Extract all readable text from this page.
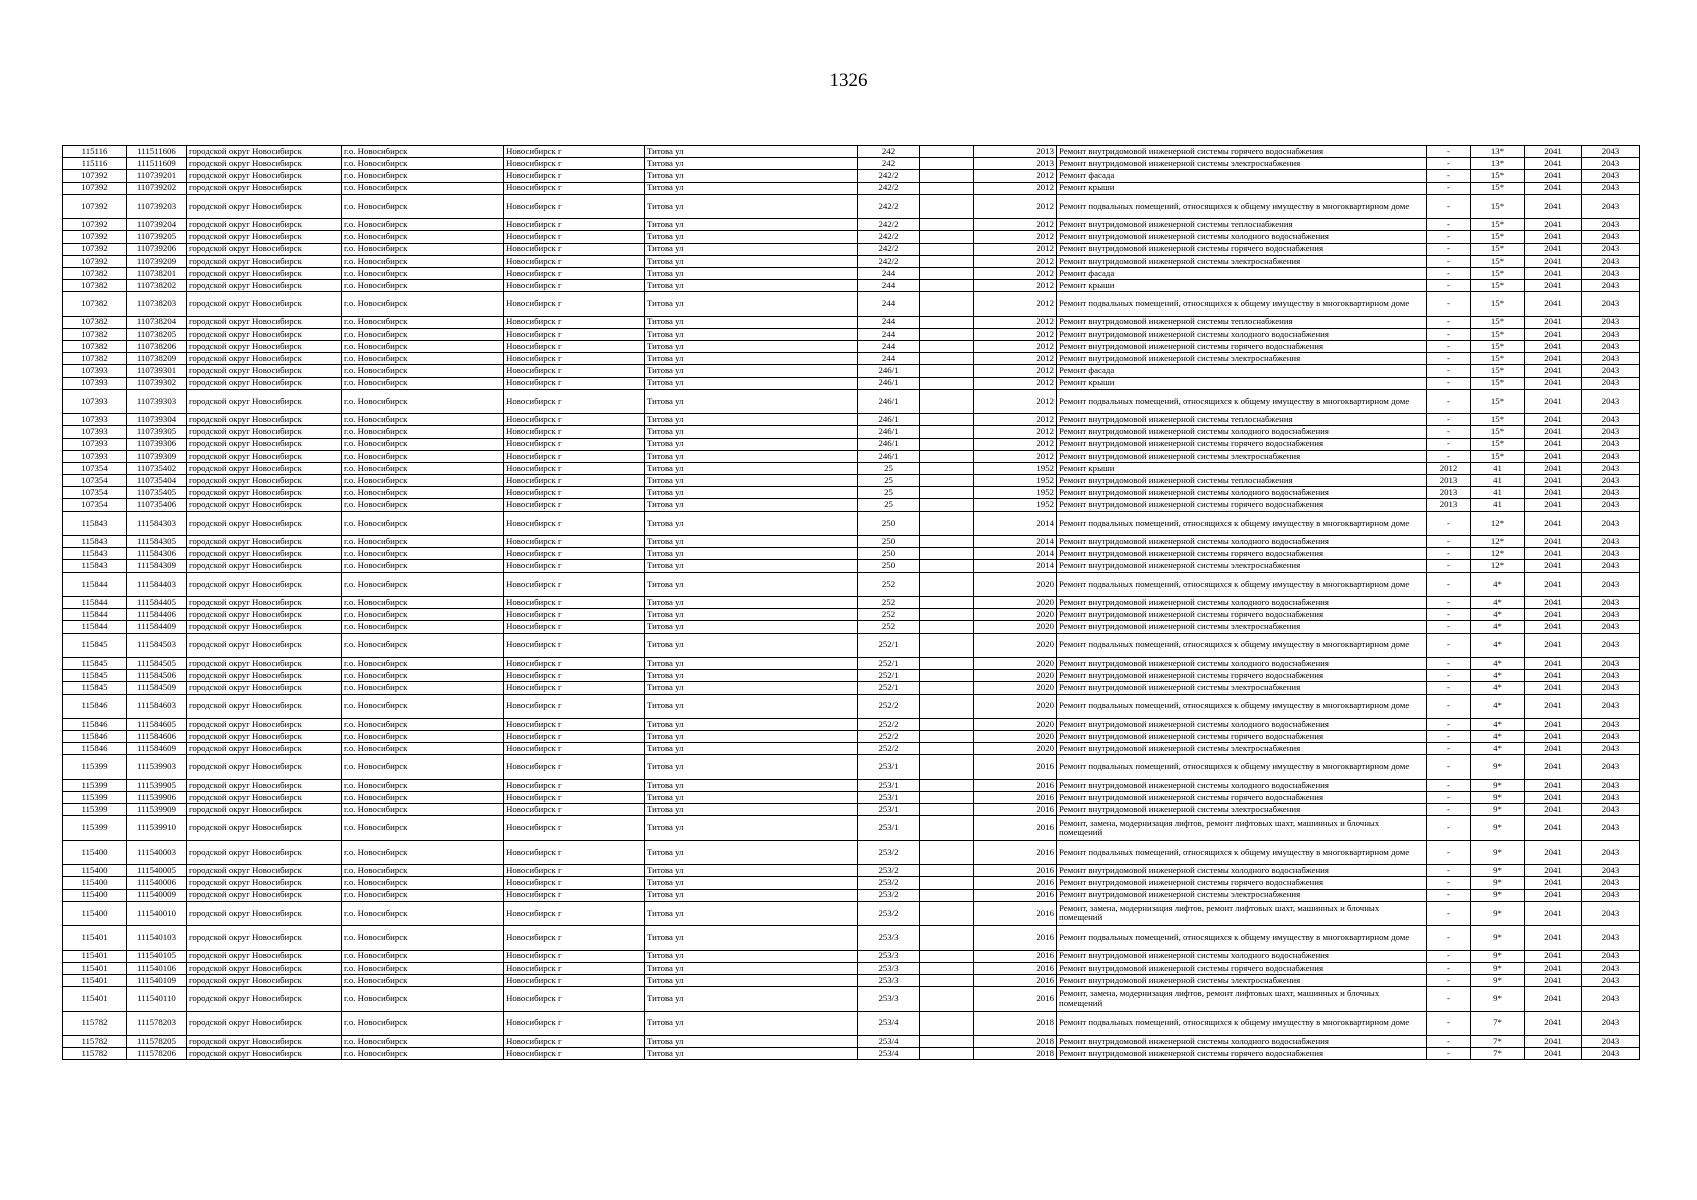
1326
115116	111511606	городской округ Новосибирск	г.о. Новосибирск	Новосибирск г	Титова ул	242		2013	Ремонт внутридомовой инженерной системы горячего водоснабжения	-	13*	2041	2043
115116	111511609	городской округ Новосибирск	г.о. Новосибирск	Новосибирск г	Титова ул	242		2013	Ремонт внутридомовой инженерной системы электроснабжения	-	13*	2041	2043
107392	110739201	городской округ Новосибирск	г.о. Новосибирск	Новосибирск г	Титова ул	242/2		2012	Ремонт фасада	-	15*	2041	2043
107392	110739202	городской округ Новосибирск	г.о. Новосибирск	Новосибирск г	Титова ул	242/2		2012	Ремонт крыши	-	15*	2041	2043
107392	110739203	городской округ Новосибирск	г.о. Новосибирск	Новосибирск г	Титова ул	242/2		2012	Ремонт подвальных помещений, относящихся к общему имуществу в многоквартирном доме	-	15*	2041	2043
107392	110739204	городской округ Новосибирск	г.о. Новосибирск	Новосибирск г	Титова ул	242/2		2012	Ремонт внутридомовой инженерной системы теплоснабжения	-	15*	2041	2043
107392	110739205	городской округ Новосибирск	г.о. Новосибирск	Новосибирск г	Титова ул	242/2		2012	Ремонт внутридомовой инженерной системы холодного водоснабжения	-	15*	2041	2043
107392	110739206	городской округ Новосибирск	г.о. Новосибирск	Новосибирск г	Титова ул	242/2		2012	Ремонт внутридомовой инженерной системы горячего водоснабжения	-	15*	2041	2043
107392	110739209	городской округ Новосибирск	г.о. Новосибирск	Новосибирск г	Титова ул	242/2		2012	Ремонт внутридомовой инженерной системы электроснабжения	-	15*	2041	2043
107382	110738201	городской округ Новосибирск	г.о. Новосибирск	Новосибирск г	Титова ул	244		2012	Ремонт фасада	-	15*	2041	2043
107382	110738202	городской округ Новосибирск	г.о. Новосибирск	Новосибирск г	Титова ул	244		2012	Ремонт крыши	-	15*	2041	2043
107382	110738203	городской округ Новосибирск	г.о. Новосибирск	Новосибирск г	Титова ул	244		2012	Ремонт подвальных помещений, относящихся к общему имуществу в многоквартирном доме	-	15*	2041	2043
107382	110738204	городской округ Новосибирск	г.о. Новосибирск	Новосибирск г	Титова ул	244		2012	Ремонт внутридомовой инженерной системы теплоснабжения	-	15*	2041	2043
107382	110738205	городской округ Новосибирск	г.о. Новосибирск	Новосибирск г	Титова ул	244		2012	Ремонт внутридомовой инженерной системы холодного водоснабжения	-	15*	2041	2043
107382	110738206	городской округ Новосибирск	г.о. Новосибирск	Новосибирск г	Титова ул	244		2012	Ремонт внутридомовой инженерной системы горячего водоснабжения	-	15*	2041	2043
107382	110738209	городской округ Новосибирск	г.о. Новосибирск	Новосибирск г	Титова ул	244		2012	Ремонт внутридомовой инженерной системы электроснабжения	-	15*	2041	2043
107393	110739301	городской округ Новосибирск	г.о. Новосибирск	Новосибирск г	Титова ул	246/1		2012	Ремонт фасада	-	15*	2041	2043
107393	110739302	городской округ Новосибирск	г.о. Новосибирск	Новосибирск г	Титова ул	246/1		2012	Ремонт крыши	-	15*	2041	2043
107393	110739303	городской округ Новосибирск	г.о. Новосибирск	Новосибирск г	Титова ул	246/1		2012	Ремонт подвальных помещений, относящихся к общему имуществу в многоквартирном доме	-	15*	2041	2043
107393	110739304	городской округ Новосибирск	г.о. Новосибирск	Новосибирск г	Титова ул	246/1		2012	Ремонт внутридомовой инженерной системы теплоснабжения	-	15*	2041	2043
107393	110739305	городской округ Новосибирск	г.о. Новосибирск	Новосибирск г	Титова ул	246/1		2012	Ремонт внутридомовой инженерной системы холодного водоснабжения	-	15*	2041	2043
107393	110739306	городской округ Новосибирск	г.о. Новосибирск	Новосибирск г	Титова ул	246/1		2012	Ремонт внутридомовой инженерной системы горячего водоснабжения	-	15*	2041	2043
107393	110739309	городской округ Новосибирск	г.о. Новосибирск	Новосибирск г	Титова ул	246/1		2012	Ремонт внутридомовой инженерной системы электроснабжения	-	15*	2041	2043
107354	110735402	городской округ Новосибирск	г.о. Новосибирск	Новосибирск г	Титова ул	25		1952	Ремонт крыши	2012	41	2041	2043
107354	110735404	городской округ Новосибирск	г.о. Новосибирск	Новосибирск г	Титова ул	25		1952	Ремонт внутридомовой инженерной системы теплоснабжения	2013	41	2041	2043
107354	110735405	городской округ Новосибирск	г.о. Новосибирск	Новосибирск г	Титова ул	25		1952	Ремонт внутридомовой инженерной системы холодного водоснабжения	2013	41	2041	2043
107354	110735406	городской округ Новосибирск	г.о. Новосибирск	Новосибирск г	Титова ул	25		1952	Ремонт внутридомовой инженерной системы горячего водоснабжения	2013	41	2041	2043
115843	111584303	городской округ Новосибирск	г.о. Новосибирск	Новосибирск г	Титова ул	250		2014	Ремонт подвальных помещений, относящихся к общему имуществу в многоквартирном доме	-	12*	2041	2043
115843	111584305	городской округ Новосибирск	г.о. Новосибирск	Новосибирск г	Титова ул	250		2014	Ремонт внутридомовой инженерной системы холодного водоснабжения	-	12*	2041	2043
115843	111584306	городской округ Новосибирск	г.о. Новосибирск	Новосибирск г	Титова ул	250		2014	Ремонт внутридомовой инженерной системы горячего водоснабжения	-	12*	2041	2043
115843	111584309	городской округ Новосибирск	г.о. Новосибирск	Новосибирск г	Титова ул	250		2014	Ремонт внутридомовой инженерной системы электроснабжения	-	12*	2041	2043
115844	111584403	городской округ Новосибирск	г.о. Новосибирск	Новосибирск г	Титова ул	252		2020	Ремонт подвальных помещений, относящихся к общему имуществу в многоквартирном доме	-	4*	2041	2043
115844	111584405	городской округ Новосибирск	г.о. Новосибирск	Новосибирск г	Титова ул	252		2020	Ремонт внутридомовой инженерной системы холодного водоснабжения	-	4*	2041	2043
115844	111584406	городской округ Новосибирск	г.о. Новосибирск	Новосибирск г	Титова ул	252		2020	Ремонт внутридомовой инженерной системы горячего водоснабжения	-	4*	2041	2043
115844	111584409	городской округ Новосибирск	г.о. Новосибирск	Новосибирск г	Титова ул	252		2020	Ремонт внутридомовой инженерной системы электроснабжения	-	4*	2041	2043
115845	111584503	городской округ Новосибирск	г.о. Новосибирск	Новосибирск г	Титова ул	252/1		2020	Ремонт подвальных помещений, относящихся к общему имуществу в многоквартирном доме	-	4*	2041	2043
115845	111584505	городской округ Новосибирск	г.о. Новосибирск	Новосибирск г	Титова ул	252/1		2020	Ремонт внутридомовой инженерной системы холодного водоснабжения	-	4*	2041	2043
115845	111584506	городской округ Новосибирск	г.о. Новосибирск	Новосибирск г	Титова ул	252/1		2020	Ремонт внутридомовой инженерной системы горячего водоснабжения	-	4*	2041	2043
115845	111584509	городской округ Новосибирск	г.о. Новосибирск	Новосибирск г	Титова ул	252/1		2020	Ремонт внутридомовой инженерной системы электроснабжения	-	4*	2041	2043
115846	111584603	городской округ Новосибирск	г.о. Новосибирск	Новосибирск г	Титова ул	252/2		2020	Ремонт подвальных помещений, относящихся к общему имуществу в многоквартирном доме	-	4*	2041	2043
115846	111584605	городской округ Новосибирск	г.о. Новосибирск	Новосибирск г	Титова ул	252/2		2020	Ремонт внутридомовой инженерной системы холодного водоснабжения	-	4*	2041	2043
115846	111584606	городской округ Новосибирск	г.о. Новосибирск	Новосибирск г	Титова ул	252/2		2020	Ремонт внутридомовой инженерной системы горячего водоснабжения	-	4*	2041	2043
115846	111584609	городской округ Новосибирск	г.о. Новосибирск	Новосибирск г	Титова ул	252/2		2020	Ремонт внутридомовой инженерной системы электроснабжения	-	4*	2041	2043
115399	111539903	городской округ Новосибирск	г.о. Новосибирск	Новосибирск г	Титова ул	253/1		2016	Ремонт подвальных помещений, относящихся к общему имуществу в многоквартирном доме	-	9*	2041	2043
115399	111539905	городской округ Новосибирск	г.о. Новосибирск	Новосибирск г	Титова ул	253/1		2016	Ремонт внутридомовой инженерной системы холодного водоснабжения	-	9*	2041	2043
115399	111539906	городской округ Новосибирск	г.о. Новосибирск	Новосибирск г	Титова ул	253/1		2016	Ремонт внутридомовой инженерной системы горячего водоснабжения	-	9*	2041	2043
115399	111539909	городской округ Новосибирск	г.о. Новосибирск	Новосибирск г	Титова ул	253/1		2016	Ремонт внутридомовой инженерной системы электроснабжения	-	9*	2041	2043
115399	111539910	городской округ Новосибирск	г.о. Новосибирск	Новосибирск г	Титова ул	253/1		2016	Ремонт, замена, модернизация лифтов, ремонт лифтовых шахт, машинных и блочных помещений	-	9*	2041	2043
115400	111540003	городской округ Новосибирск	г.о. Новосибирск	Новосибирск г	Титова ул	253/2		2016	Ремонт подвальных помещений, относящихся к общему имуществу в многоквартирном доме	-	9*	2041	2043
115400	111540005	городской округ Новосибирск	г.о. Новосибирск	Новосибирск г	Титова ул	253/2		2016	Ремонт внутридомовой инженерной системы холодного водоснабжения	-	9*	2041	2043
115400	111540006	городской округ Новосибирск	г.о. Новосибирск	Новосибирск г	Титова ул	253/2		2016	Ремонт внутридомовой инженерной системы горячего водоснабжения	-	9*	2041	2043
115400	111540009	городской округ Новосибирск	г.о. Новосибирск	Новосибирск г	Титова ул	253/2		2016	Ремонт внутридомовой инженерной системы электроснабжения	-	9*	2041	2043
115400	111540010	городской округ Новосибирск	г.о. Новосибирск	Новосибирск г	Титова ул	253/2		2016	Ремонт, замена, модернизация лифтов, ремонт лифтовых шахт, машинных и блочных помещений	-	9*	2041	2043
115401	111540103	городской округ Новосибирск	г.о. Новосибирск	Новосибирск г	Титова ул	253/3		2016	Ремонт подвальных помещений, относящихся к общему имуществу в многоквартирном доме	-	9*	2041	2043
115401	111540105	городской округ Новосибирск	г.о. Новосибирск	Новосибирск г	Титова ул	253/3		2016	Ремонт внутридомовой инженерной системы холодного водоснабжения	-	9*	2041	2043
115401	111540106	городской округ Новосибирск	г.о. Новосибирск	Новосибирск г	Титова ул	253/3		2016	Ремонт внутридомовой инженерной системы горячего водоснабжения	-	9*	2041	2043
115401	111540109	городской округ Новосибирск	г.о. Новосибирск	Новосибирск г	Титова ул	253/3		2016	Ремонт внутридомовой инженерной системы электроснабжения	-	9*	2041	2043
115401	111540110	городской округ Новосибирск	г.о. Новосибирск	Новосибирск г	Титова ул	253/3		2016	Ремонт, замена, модернизация лифтов, ремонт лифтовых шахт, машинных и блочных помещений	-	9*	2041	2043
115782	111578203	городской округ Новосибирск	г.о. Новосибирск	Новосибирск г	Титова ул	253/4		2018	Ремонт подвальных помещений, относящихся к общему имуществу в многоквартирном доме	-	7*	2041	2043
115782	111578205	городской округ Новосибирск	г.о. Новосибирск	Новосибирск г	Титова ул	253/4		2018	Ремонт внутридомовой инженерной системы холодного водоснабжения	-	7*	2041	2043
115782	111578206	городской округ Новосибирск	г.о. Новосибирск	Новосибирск г	Титова ул	253/4		2018	Ремонт внутридомовой инженерной системы горячего водоснабжения	-	7*	2041	2043
